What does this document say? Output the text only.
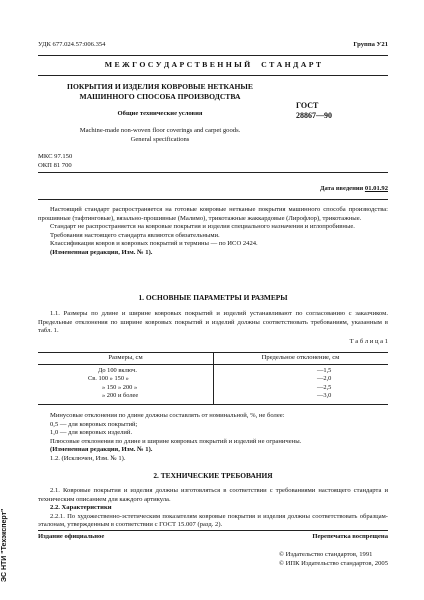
УДК 677.024.57:006.354	Группа У21
М Е Ж Г О С У Д А Р С Т В Е Н Н Ы Й     С Т А Н Д А Р Т
ПОКРЫТИЯ И ИЗДЕЛИЯ КОВРОВЫЕ НЕТКАНЫЕ
МАШИННОГО СПОСОБА ПРОИЗВОДСТВА
Общие технические условия
Machine-made non-woven floor coverings and carpet goods.
General specifications
ГОСТ
28867—90
МКС 97.150
ОКП 81 700
Дата введения 01.01.92

Настоящий стандарт распространяется на готовые ковровые нетканые покрытия машинного способа производства: прошивные (тафтинговые), вязально-прошивные (Малимо), трикотажные жаккардовые (Лирофлор), трикотажные.

Стандарт не распространяется на ковровые покрытия и изделия специального назначения и иглопробивные.

Требования настоящего стандарта являются обязательными.

Классификация ковров и ковровых покрытий и термины — по ИСО 2424.

(Измененная редакция, Изм. № 1).

1. ОСНОВНЫЕ ПАРАМЕТРЫ И РАЗМЕРЫ

1.1. Размеры по длине и ширине ковровых покрытий и изделий устанавливают по согласованию с заказчиком. Предельные отклонения по ширине ковровых покрытий и изделий должны соответствовать требованиям, указанным в табл. 1.

Т а б л и ц а 1
Размеры, см	Предельное отклонение, см
До 100 включ.	—1,5
Св. 100 » 150 »	—2,0
» 150 » 200 »	—2,5
» 200 и более	—3,0

Минусовые отклонения по длине должны составлять от номинальной, %, не более:

0,5 — для ковровых покрытий;

1,0 — для ковровых изделий.

Плюсовые отклонения по длине и ширине ковровых покрытий и изделий не ограничены.

(Измененная редакция, Изм. № 1).

1.2. (Исключен, Изм. № 1).

2. ТЕХНИЧЕСКИЕ ТРЕБОВАНИЯ

2.1. Ковровые покрытия и изделия должны изготовляться в соответствии с требованиями настоящего стандарта и техническим описанием для каждого артикула.

2.2. Характеристики

2.2.1. По художественно-эстетическим показателям ковровые покрытия и изделия должны соответствовать образцам-эталонам, утвержденным в соответствии с ГОСТ 15.007 (разд. 2).

Издание официальное	Перепечатка воспрещена
© Издательство стандартов, 1991
© ИПК Издательство стандартов, 2005
ЭС НТИ "Техэксперт"
